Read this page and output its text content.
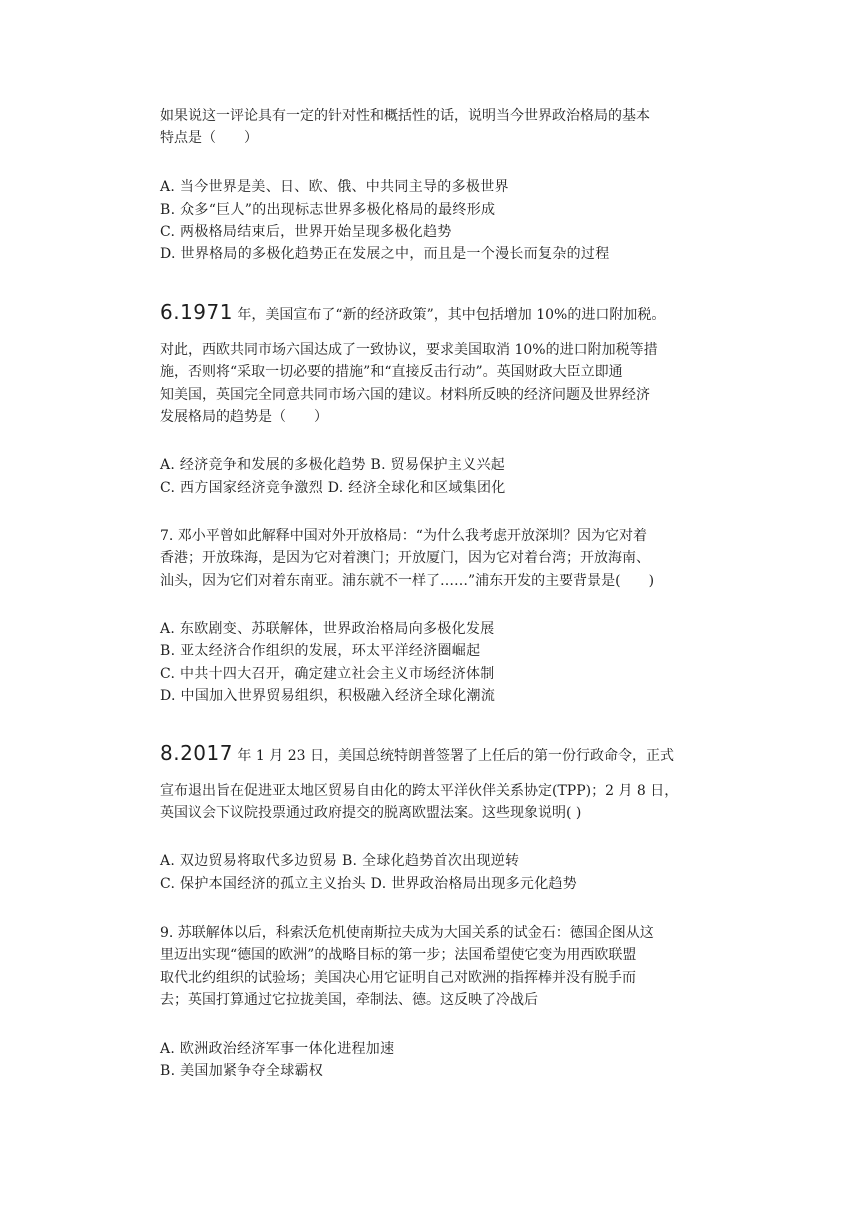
如果说这一评论具有一定的针对性和概括性的话，说明当今世界政治格局的基本
特点是（　　）
A. 当今世界是美、日、欧、俄、中共同主导的多极世界
B. 众多“巨人”的出现标志世界多极化格局的最终形成
C. 两极格局结束后，世界开始呈现多极化趋势
D. 世界格局的多极化趋势正在发展之中，而且是一个漫长而复杂的过程
6.1971 年，美国宣布了“新的经济政策”，其中包括增加 10%的进口附加税。
对此，西欧共同市场六国达成了一致协议，要求美国取消 10%的进口附加税等措
施，否则将“采取一切必要的措施”和“直接反击行动”。英国财政大臣立即通
知美国，英国完全同意共同市场六国的建议。材料所反映的经济问题及世界经济
发展格局的趋势是（　　）
A. 经济竞争和发展的多极化趋势 B. 贸易保护主义兴起
C. 西方国家经济竞争激烈 D. 经济全球化和区域集团化
7. 邓小平曾如此解释中国对外开放格局：“为什么我考虑开放深圳？因为它对着
香港；开放珠海，是因为它对着澳门；开放厦门，因为它对着台湾；开放海南、
汕头，因为它们对着东南亚。浦东就不一样了……”浦东开发的主要背景是(　　)
A. 东欧剧变、苏联解体，世界政治格局向多极化发展
B. 亚太经济合作组织的发展，环太平洋经济圈崛起
C. 中共十四大召开，确定建立社会主义市场经济体制
D. 中国加入世界贸易组织，积极融入经济全球化潮流
8.2017 年 1 月 23 日，美国总统特朗普签署了上任后的第一份行政命令，正式
宣布退出旨在促进亚太地区贸易自由化的跨太平洋伙伴关系协定(TPP)；2 月 8 日，
英国议会下议院投票通过政府提交的脱离欧盟法案。这些现象说明( )
A. 双边贸易将取代多边贸易 B. 全球化趋势首次出现逆转
C. 保护本国经济的孤立主义抬头 D. 世界政治格局出现多元化趋势
9. 苏联解体以后，科索沃危机使南斯拉夫成为大国关系的试金石：德国企图从这
里迈出实现“德国的欧洲”的战略目标的第一步；法国希望使它变为用西欧联盟
取代北约组织的试验场；美国决心用它证明自己对欧洲的指挥棒并没有脱手而
去；英国打算通过它拉拢美国，牵制法、德。这反映了冷战后
A. 欧洲政治经济军事一体化进程加速
B. 美国加紧争夺全球霸权
